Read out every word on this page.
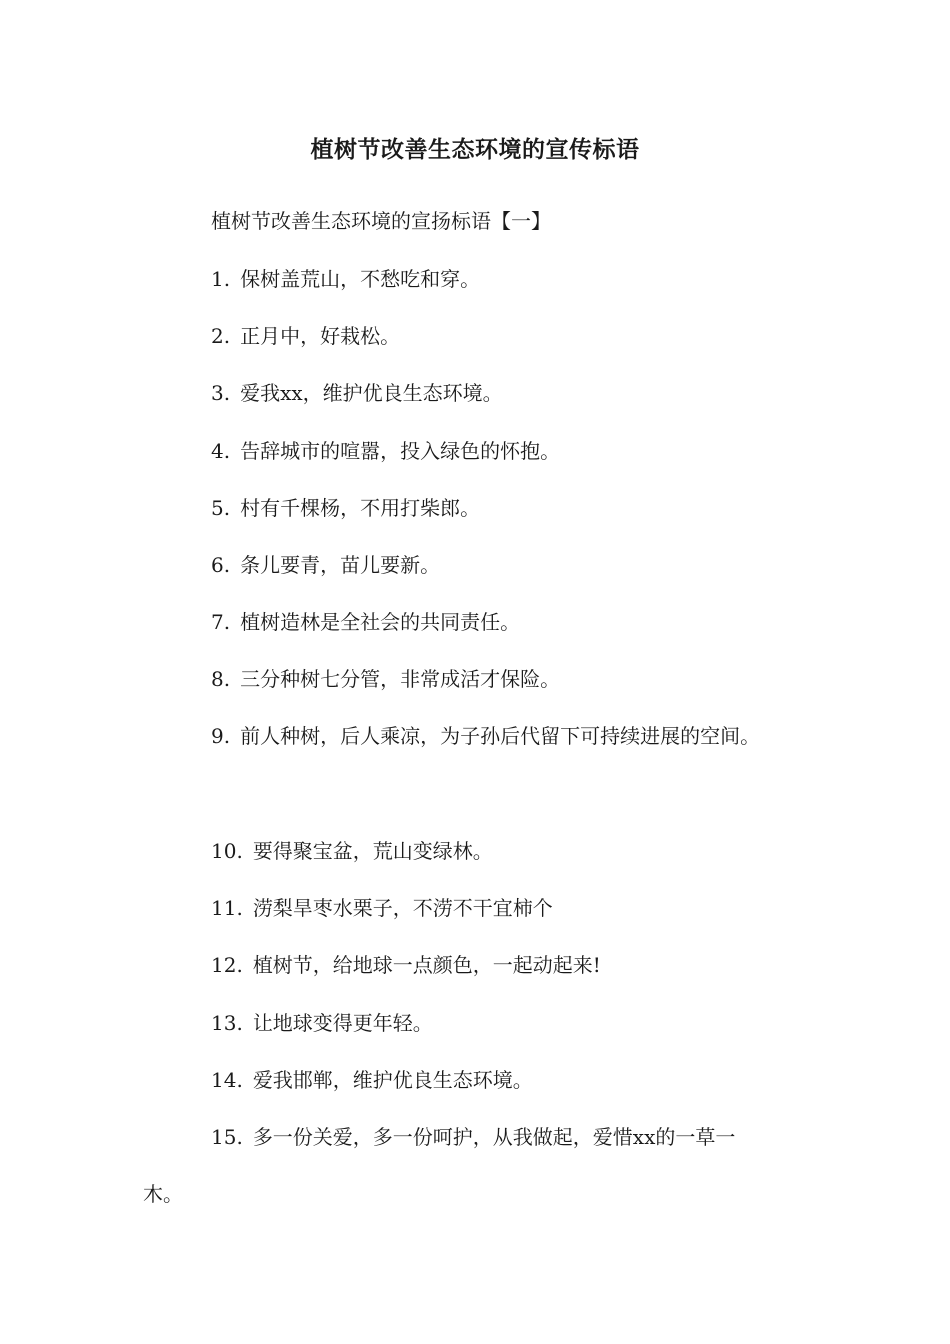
植树节改善生态环境的宣传标语

植树节改善生态环境的宣扬标语【一】

1. 保树盖荒山，不愁吃和穿。

2. 正月中，好栽松。

3. 爱我xx，维护优良生态环境。

4. 告辞城市的喧嚣，投入绿色的怀抱。

5. 村有千棵杨，不用打柴郎。

6. 条儿要青，苗儿要新。

7. 植树造林是全社会的共同责任。

8. 三分种树七分管，非常成活才保险。

9. 前人种树，后人乘凉，为子孙后代留下可持续进展的空间。

10. 要得聚宝盆，荒山变绿林。

11. 涝梨旱枣水栗子，不涝不干宜柿个

12. 植树节，给地球一点颜色，一起动起来!

13. 让地球变得更年轻。

14. 爱我邯郸，维护优良生态环境。

15. 多一份关爱，多一份呵护，从我做起，爱惜xx的一草一

木。
